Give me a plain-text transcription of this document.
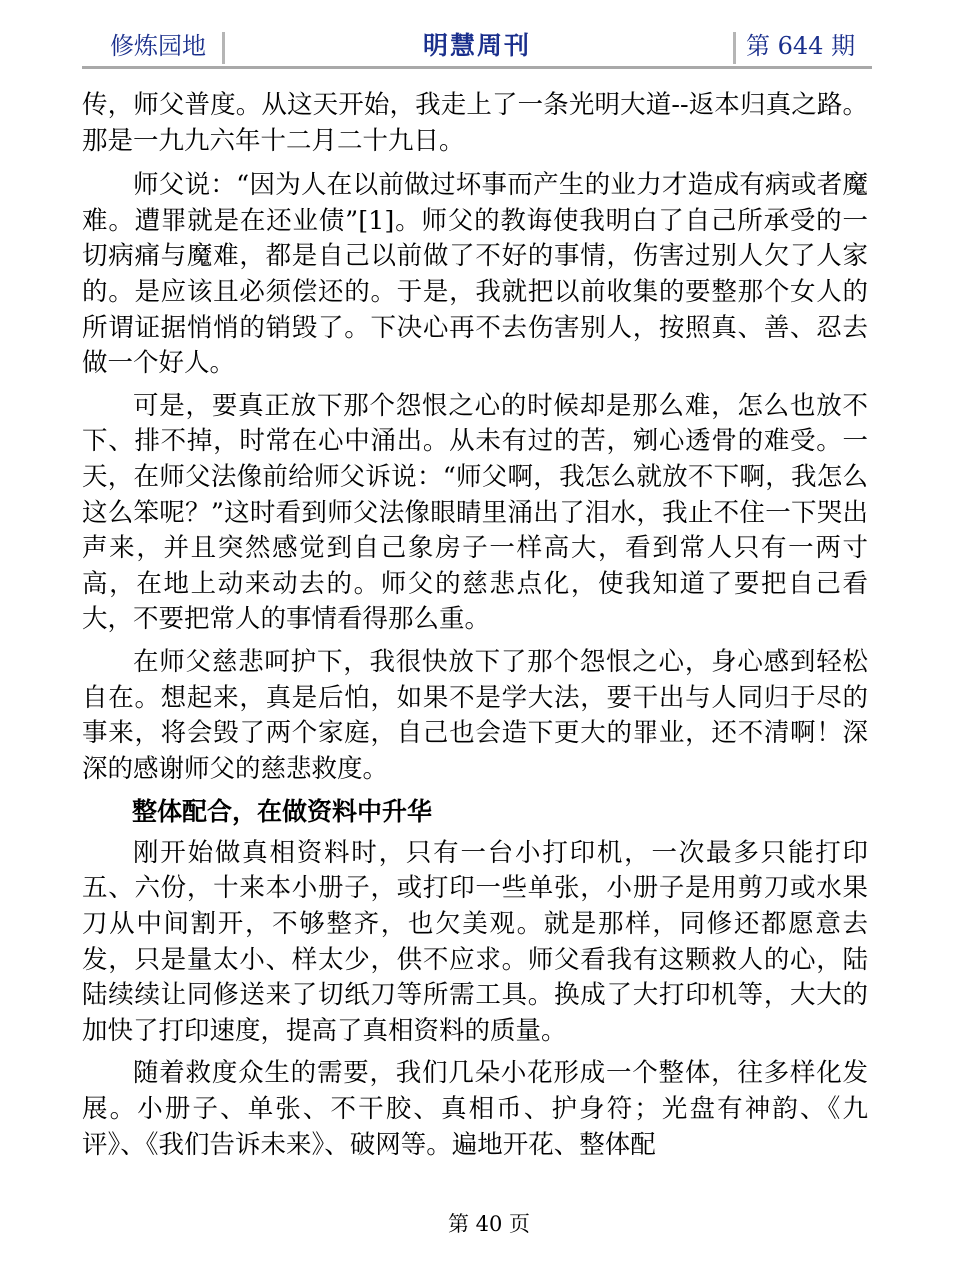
修炼园地	明慧周刊	第 644 期

传，师父普度。从这天开始，我走上了一条光明大道--返本归真之路。那是一九九六年十二月二十九日。

师父说：“因为人在以前做过坏事而产生的业力才造成有病或者魔难。遭罪就是在还业债”[1]。师父的教诲使我明白了自己所承受的一切病痛与魔难，都是自己以前做了不好的事情，伤害过别人欠了人家的。是应该且必须偿还的。于是，我就把以前收集的要整那个女人的所谓证据悄悄的销毁了。下决心再不去伤害别人，按照真、善、忍去做一个好人。

可是，要真正放下那个怨恨之心的时候却是那么难，怎么也放不下、排不掉，时常在心中涌出。从未有过的苦，剜心透骨的难受。一天，在师父法像前给师父诉说：“师父啊，我怎么就放不下啊，我怎么这么笨呢？”这时看到师父法像眼睛里涌出了泪水，我止不住一下哭出声来，并且突然感觉到自己象房子一样高大，看到常人只有一两寸高，在地上动来动去的。师父的慈悲点化，使我知道了要把自己看大，不要把常人的事情看得那么重。

在师父慈悲呵护下，我很快放下了那个怨恨之心，身心感到轻松自在。想起来，真是后怕，如果不是学大法，要干出与人同归于尽的事来，将会毁了两个家庭，自己也会造下更大的罪业，还不清啊！深深的感谢师父的慈悲救度。

整体配合，在做资料中升华

刚开始做真相资料时，只有一台小打印机，一次最多只能打印五、六份，十来本小册子，或打印一些单张，小册子是用剪刀或水果刀从中间割开，不够整齐，也欠美观。就是那样，同修还都愿意去发，只是量太小、样太少，供不应求。师父看我有这颗救人的心，陆陆续续让同修送来了切纸刀等所需工具。换成了大打印机等，大大的加快了打印速度，提高了真相资料的质量。

随着救度众生的需要，我们几朵小花形成一个整体，往多样化发展。小册子、单张、不干胶、真相币、护身符；光盘有神韵、《九评》、《我们告诉未来》、破网等。遍地开花、整体配

第 40 页
